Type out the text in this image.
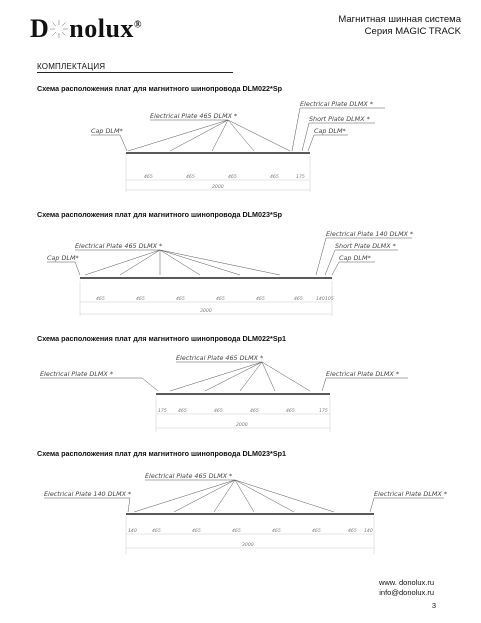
D nolux®	Магнитная шинная система
Серия MAGIC TRACK
КОМПЛЕКТАЦИЯ
Схема расположения плат для магнитного шинопровода DLM022*Sp
Electrical Plate 465 DLMX *
Cap DLM*
Electrical Plate DLMX *
Short Plate DLMX *
Cap DLM*
465	465	465	465	175
2000
Схема расположения плат для магнитного шинопровода DLM023*Sp
Electrical Plate 465 DLMX *
Cap DLM*
Electrical Plate 140 DLMX *
Short Plate DLMX *
Cap DLM*
465	465	465	465	465	465	140 105
3000
Схема расположения плат для магнитного шинопровода DLM022*Sp1
Electrical Plate 465 DLMX *
Electrical Plate DLMX *	Electrical Plate DLMX *
175 465	465	465	465	175
2000
Схема расположения плат для магнитного шинопровода DLM023*Sp1
Electrical Plate 465 DLMX *
Electrical Plate 140 DLMX *	Electrical Plate DLMX *
140	465	465	465	465	465	465 140
3000
www. donolux.ru
info@donolux.ru
3
